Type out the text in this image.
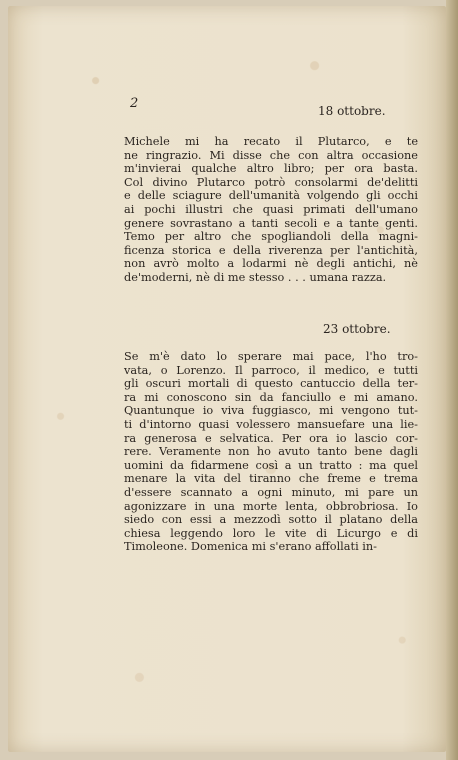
2	18 ottobre.

Michele mi ha recato il Plutarco, e te

ne ringrazio. Mi disse che con altra occasione

m'invierai qualche altro libro; per ora basta.

Col divino Plutarco potrò consolarmi de'delitti

e delle sciagure dell'umanità volgendo gli occhi

ai pochi illustri che quasi primati dell'umano

genere sovrastano a tanti secoli e a tante genti.

Temo per altro che spogliandoli della magni-

ficenza storica e della riverenza per l'antichità,

non avrò molto a lodarmi nè degli antichi, nè

de'moderni, nè di me stesso . . . umana razza.

23 ottobre.

Se m'è dato lo sperare mai pace, l'ho tro-

vata, o Lorenzo. Il parroco, il medico, e tutti

gli oscuri mortali di questo cantuccio della ter-

ra mi conoscono sin da fanciullo e mi amano.

Quantunque io viva fuggiasco, mi vengono tut-

ti d'intorno quasi volessero mansuefare una lie-

ra generosa e selvatica. Per ora io lascio cor-

rere. Veramente non ho avuto tanto bene dagli

uomini da fidarmene così a un tratto : ma quel

menare la vita del tiranno che freme e trema

d'essere scannato a ogni minuto, mi pare un

agonizzare in una morte lenta, obbrobriosa. Io

siedo con essi a mezzodì sotto il platano della

chiesa leggendo loro le vite di Licurgo e di

Timoleone. Domenica mi s'erano affollati in-
